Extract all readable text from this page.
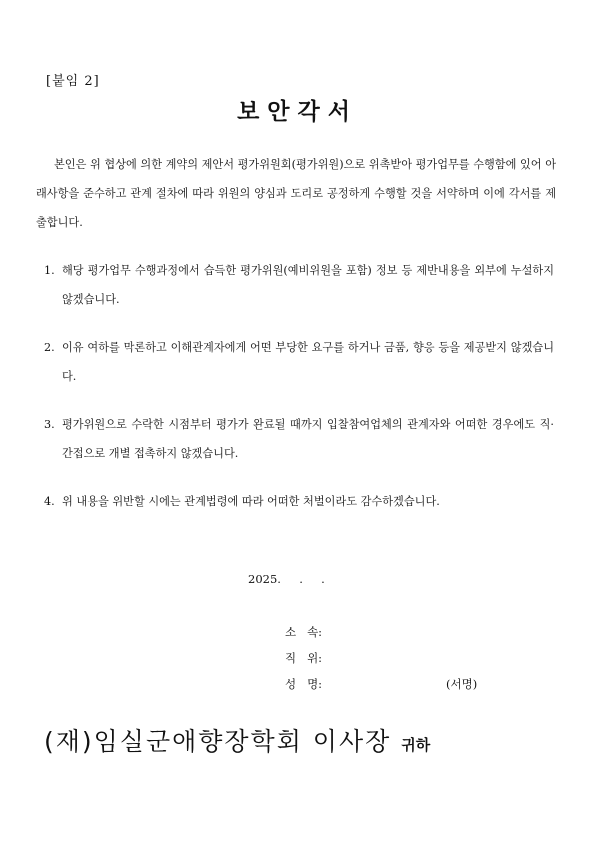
[붙임 2]
보안각서

본인은 위 협상에 의한 계약의 제안서 평가위원회(평가위원)으로 위촉받아 평가업무를 수행함에 있어 아래사항을 준수하고 관계 절차에 따라 위원의 양심과 도리로 공정하게 수행할 것을 서약하며 이에 각서를 제출합니다.

1. 해당 평가업무 수행과정에서 습득한 평가위원(예비위원을 포함) 정보 등 제반내용을 외부에 누설하지 않겠습니다.
2. 이유 여하를 막론하고 이해관계자에게 어떤 부당한 요구를 하거나 금품, 향응 등을 제공받지 않겠습니다.
3. 평가위원으로 수락한 시점부터 평가가 완료될 때까지 입찰참여업체의 관계자와 어떠한 경우에도 직·간접으로 개별 접촉하지 않겠습니다.
4. 위 내용을 위반할 시에는 관계법령에 따라 어떠한 처벌이라도 감수하겠습니다.
2025.     .     .
소   속:
직   위:
성   명:	(서명)
(재)임실군애향장학회 이사장 귀하
